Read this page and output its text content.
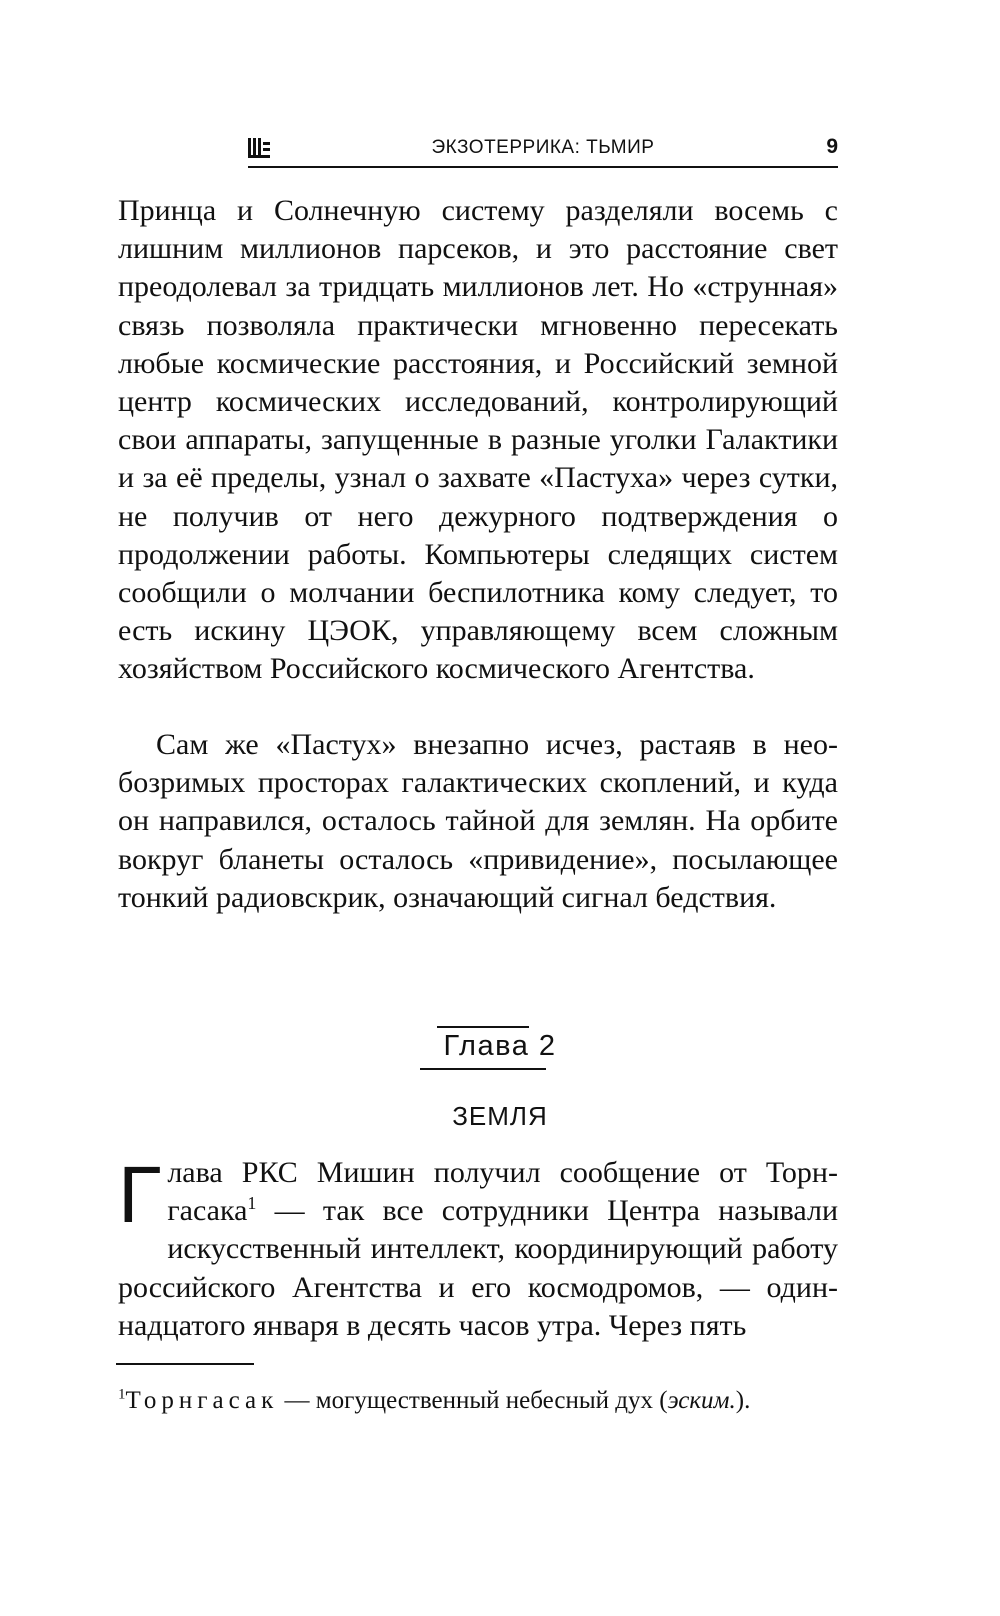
ЭКЗОТЕРРИКА: ТЬМИР	9

Принца и Солнечную систему разделяли восемь с лишним миллионов парсеков, и это расстояние свет преодолевал за тридцать миллионов лет. Но «струнная» связь позволяла практически мгновенно пересекать любые космические расстояния, и Российский земной центр космических исследований, контролирующий свои аппараты, запущенные в разные уголки Галактики и за её пределы, узнал о захвате «Пастуха» через сутки, не получив от него дежурного подтверждения о продолжении работы. Компьютеры следящих систем сообщили о молчании беспилотника кому следует, то есть искину ЦЭОК, управляющему всем сложным хозяйством Российского космического Агентства.

Сам же «Пастух» внезапно исчез, растаяв в необозримых просторах галактических скоплений, и куда он направился, осталось тайной для землян. На орбите вокруг бланеты осталось «привидение», посылающее тонкий радиовскрик, означающий сигнал бедствия.

Глава 2
ЗЕМЛЯ

Глава РКС Мишин получил сообщение от Торнгасака$^1$ — так все сотрудники Центра называли искусственный интеллект, координирующий работу российского Агентства и его космодромов, — одиннадцатого января в десять часов утра. Через пять

$^1$Торнгасак — могущественный небесный дух (эским.).
